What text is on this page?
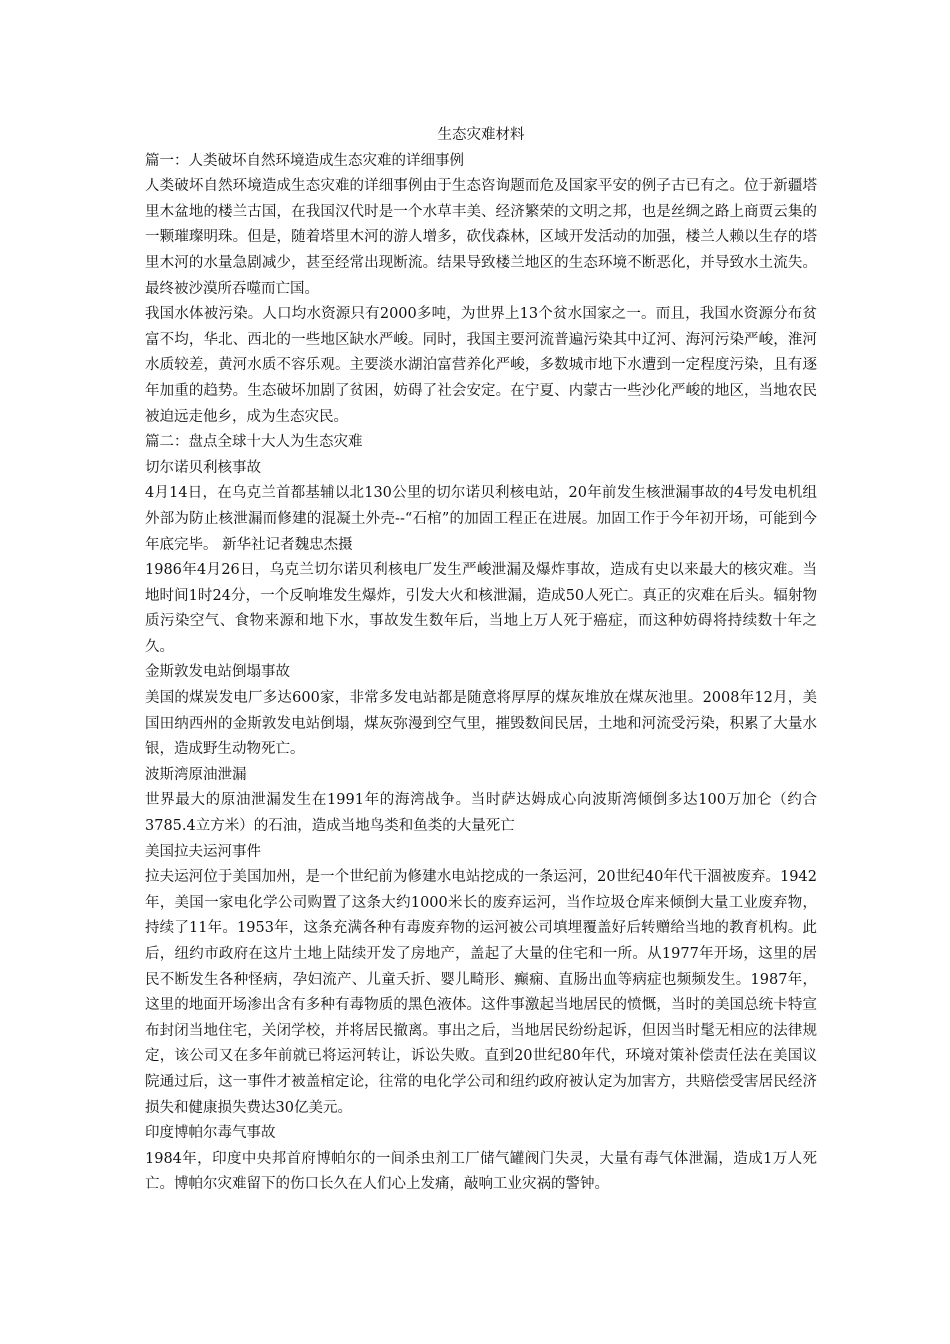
生态灾难材料

篇一：人类破坏自然环境造成生态灾难的详细事例

人类破坏自然环境造成生态灾难的详细事例由于生态咨询题而危及国家平安的例子古已有之。位于新疆塔里木盆地的楼兰古国，在我国汉代时是一个水草丰美、经济繁荣的文明之邦，也是丝绸之路上商贾云集的一颗璀璨明珠。但是，随着塔里木河的游人增多，砍伐森林，区域开发活动的加强，楼兰人赖以生存的塔里木河的水量急剧减少，甚至经常出现断流。结果导致楼兰地区的生态环境不断恶化，并导致水土流失。最终被沙漠所吞噬而亡国。

我国水体被污染。人口均水资源只有2000多吨，为世界上13个贫水国家之一。而且，我国水资源分布贫富不均，华北、西北的一些地区缺水严峻。同时，我国主要河流普遍污染其中辽河、海河污染严峻，淮河水质较差，黄河水质不容乐观。主要淡水湖泊富营养化严峻，多数城市地下水遭到一定程度污染，且有逐年加重的趋势。生态破坏加剧了贫困，妨碍了社会安定。在宁夏、内蒙古一些沙化严峻的地区，当地农民被迫远走他乡，成为生态灾民。

篇二：盘点全球十大人为生态灾难

切尔诺贝利核事故

4月14日，在乌克兰首都基辅以北130公里的切尔诺贝利核电站，20年前发生核泄漏事故的4号发电机组外部为防止核泄漏而修建的混凝土外壳--“石棺”的加固工程正在进展。加固工作于今年初开场，可能到今年底完毕。 新华社记者魏忠杰摄

1986年4月26日，乌克兰切尔诺贝利核电厂发生严峻泄漏及爆炸事故，造成有史以来最大的核灾难。当地时间1时24分，一个反响堆发生爆炸，引发大火和核泄漏，造成50人死亡。真正的灾难在后头。辐射物质污染空气、食物来源和地下水，事故发生数年后，当地上万人死于癌症，而这种妨碍将持续数十年之久。

金斯敦发电站倒塌事故

美国的煤炭发电厂多达600家，非常多发电站都是随意将厚厚的煤灰堆放在煤灰池里。2008年12月，美国田纳西州的金斯敦发电站倒塌，煤灰弥漫到空气里，摧毁数间民居，土地和河流受污染，积累了大量水银，造成野生动物死亡。

波斯湾原油泄漏

世界最大的原油泄漏发生在1991年的海湾战争。当时萨达姆成心向波斯湾倾倒多达100万加仑（约合3785.4立方米）的石油，造成当地鸟类和鱼类的大量死亡

美国拉夫运河事件

拉夫运河位于美国加州，是一个世纪前为修建水电站挖成的一条运河，20世纪40年代干涸被废弃。1942年，美国一家电化学公司购置了这条大约1000米长的废弃运河，当作垃圾仓库来倾倒大量工业废弃物，持续了11年。1953年，这条充满各种有毒废弃物的运河被公司填埋覆盖好后转赠给当地的教育机构。此后，纽约市政府在这片土地上陆续开发了房地产，盖起了大量的住宅和一所。从1977年开场，这里的居民不断发生各种怪病，孕妇流产、儿童夭折、婴儿畸形、癫痫、直肠出血等病症也频频发生。1987年，这里的地面开场渗出含有多种有毒物质的黑色液体。这件事激起当地居民的愤慨，当时的美国总统卡特宣布封闭当地住宅，关闭学校，并将居民撤离。事出之后，当地居民纷纷起诉，但因当时髦无相应的法律规定，该公司又在多年前就已将运河转让，诉讼失败。直到20世纪80年代，环境对策补偿责任法在美国议院通过后，这一事件才被盖棺定论，往常的电化学公司和纽约政府被认定为加害方，共赔偿受害居民经济损失和健康损失费达30亿美元。

印度博帕尔毒气事故

1984年，印度中央邦首府博帕尔的一间杀虫剂工厂储气罐阀门失灵，大量有毒气体泄漏，造成1万人死亡。博帕尔灾难留下的伤口长久在人们心上发痛，敲响工业灾祸的警钟。
